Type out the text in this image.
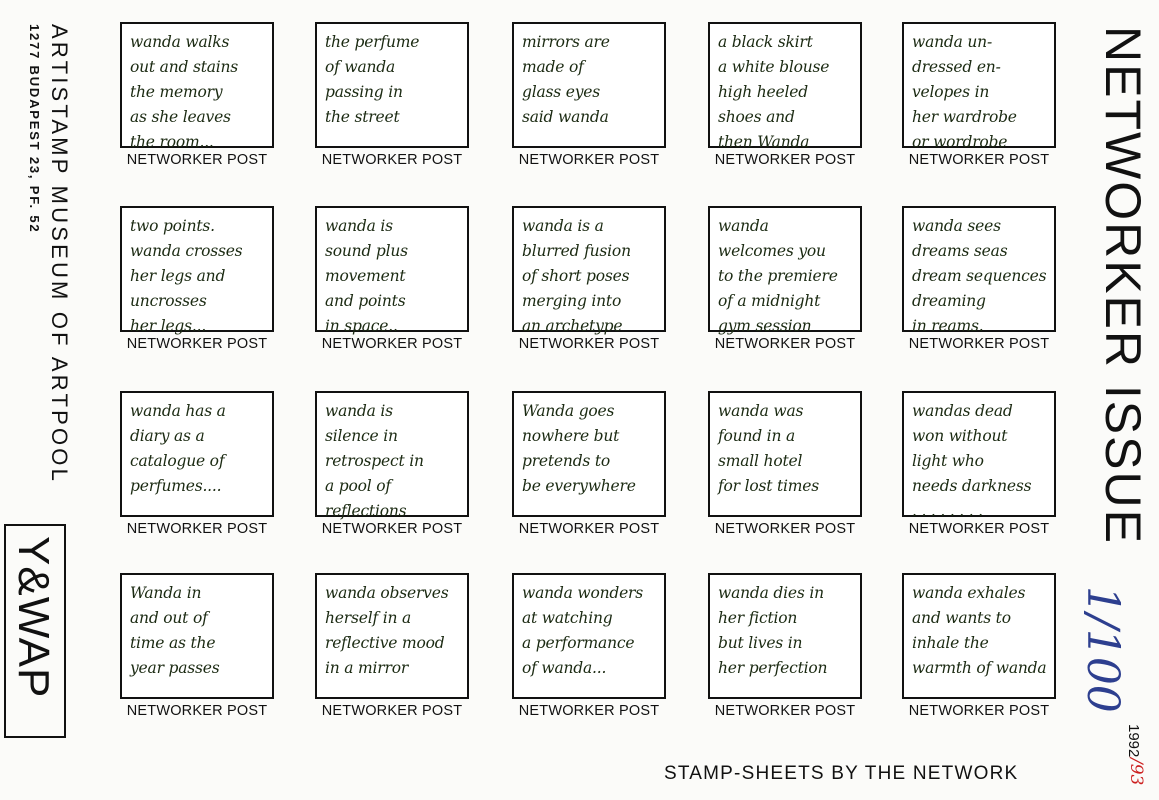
ARTISTAMP MUSEUM OF ARTPOOL
1277 BUDAPEST 23, PF. 52
Y&WAP
wanda walks
out and stains
the memory
as she leaves
the room...
NETWORKER POST
the perfume
of wanda
passing in
the street
NETWORKER POST
mirrors are
made of
glass eyes
said wanda
NETWORKER POST
a black skirt
a white blouse
high heeled
shoes and
then Wanda
NETWORKER POST
wanda un-
dressed en-
velopes in
her wardrobe
or wordrobe
NETWORKER POST
two points.
wanda crosses
her legs and
uncrosses
her legs...
NETWORKER POST
wanda is
sound plus
movement
and points
in space..
NETWORKER POST
wanda is a
blurred fusion
of short poses
merging into
an archetype
NETWORKER POST
wanda
welcomes you
to the premiere
of a midnight
gym session
NETWORKER POST
wanda sees
dreams seas
dream sequences
dreaming
in reams.
NETWORKER POST
wanda has a
diary as a
catalogue of
perfumes....
NETWORKER POST
wanda is
silence in
retrospect in
a pool of
reflections
NETWORKER POST
Wanda goes
nowhere but
pretends to
be everywhere
NETWORKER POST
wanda was
found in a
small hotel
for lost times
NETWORKER POST
wandas dead
won without
light who
needs darkness
. . . . . . . .
NETWORKER POST
Wanda in
and out of
time as the
year passes
NETWORKER POST
wanda observes
herself in a
reflective mood
in a mirror
NETWORKER POST
wanda wonders
at watching
a performance
of wanda...
NETWORKER POST
wanda dies in
her fiction
but lives in
her perfection
NETWORKER POST
wanda exhales
and wants to
inhale the
warmth of wanda
NETWORKER POST
NETWORKER ISSUE
1/100
1992
/93
STAMP-SHEETS BY THE NETWORK
